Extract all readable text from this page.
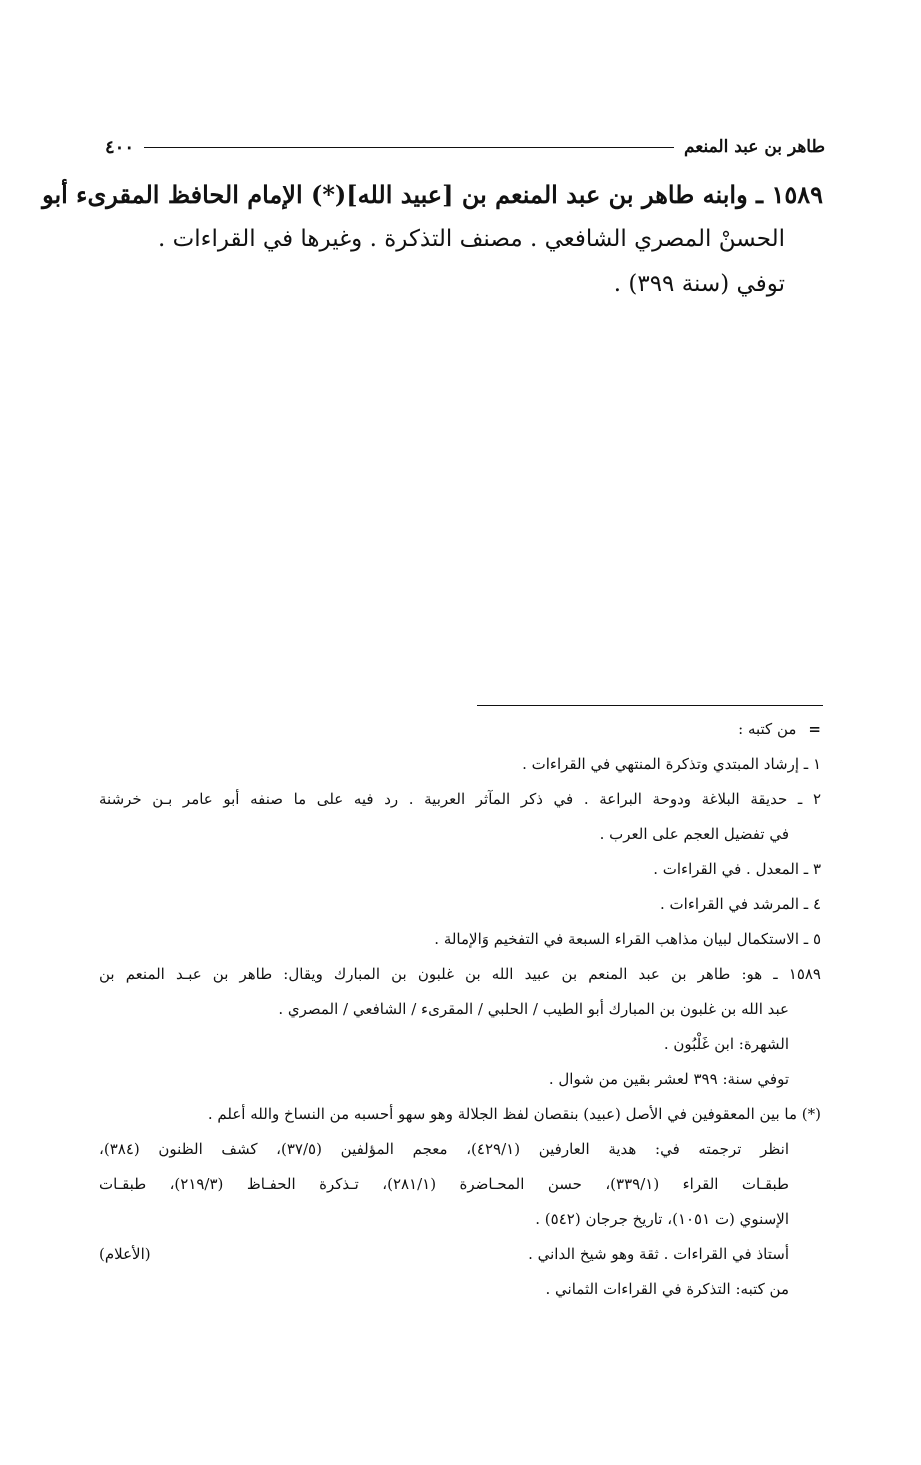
طاهر بن عبد المنعم
٤٠٠
١٥٨٩ ـ وابنه طاهر بن عبد المنعم بن [عبيد الله](*) الإمام الحافظ المقرىء أبو
الحسنْ المصري الشافعي . مصنف التذكرة . وغيرها في القراءات .
توفي (سنة ٣٩٩) .
=من كتبه :
١ ـ إرشاد المبتدي وتذكرة المنتهي في القراءات .
٢ ـ حديقة البلاغة ودوحة البراعة . في ذكر المآثر العربية . رد فيه على ما صنفه أبو عامر بـن خرشنة
في تفضيل العجم على العرب .
٣ ـ المعدل . في القراءات .
٤ ـ المرشد في القراءات .
٥ ـ الاستكمال لبيان مذاهب القراء السبعة في التفخيم وَالإمالة .
١٥٨٩ ـ هو: طاهر بن عبد المنعم بن عبيد الله بن غلبون بن المبارك ويقال: طاهر بن عبـد المنعم بن
عبد الله بن غلبون بن المبارك أبو الطيب / الحلبي / المقرىء / الشافعي / المصري .
الشهرة: ابن غَلْبُون .
توفي سنة: ٣٩٩ لعشر بقين من شوال .
(*) ما بين المعقوفين في الأصل (عبيد) بنقصان لفظ الجلالة وهو سهو أحسبه من النساخ والله أعلم .
انظر ترجمته في: هدية العارفين (٤٢٩/١)، معجم المؤلفين (٣٧/٥)، كشف الظنون (٣٨٤)،
طبقـات القراء (٣٣٩/١)، حسن المحـاضرة (٢٨١/١)، تـذكرة الحفـاظ (٢١٩/٣)، طبقـات
الإسنوي (ت ١٠٥١)، تاريخ جرجان (٥٤٢) .
أستاذ في القراءات . ثقة وهو شيخ الداني .
(الأعلام)
من كتبه: التذكرة في القراءات الثماني .
